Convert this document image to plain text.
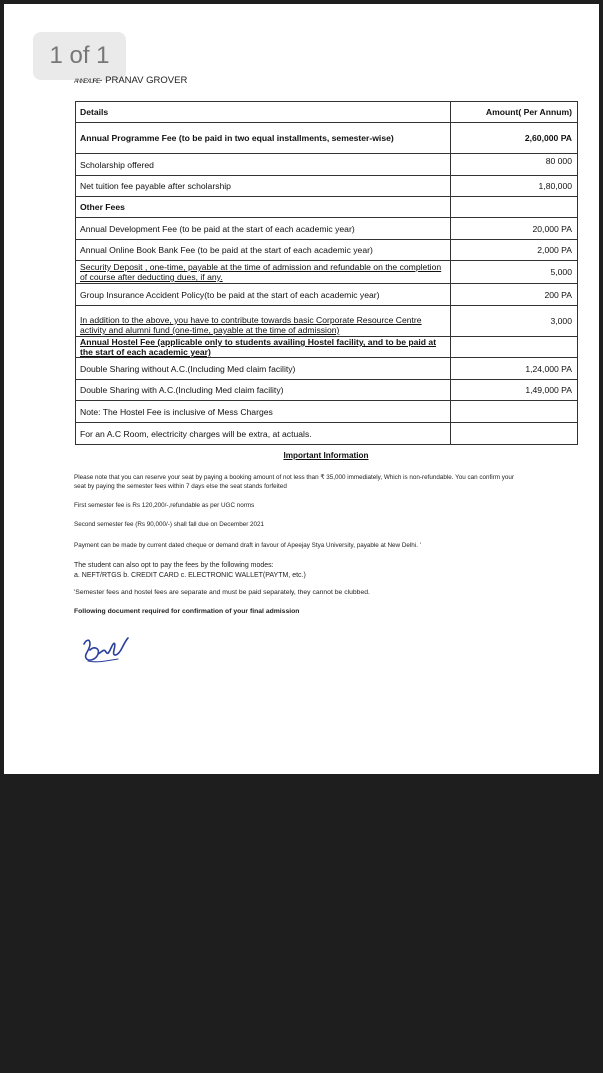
1 of 1
ANNEXURE- PRANAV GROVER
Details	Amount( Per Annum)
Annual Programme Fee (to be paid in two equal installments, semester-wise)	2,60,000 PA
Scholarship offered	80 000
Net tuition fee payable after scholarship	1,80,000
Other Fees	
Annual Development Fee (to be paid at the start of each academic year)	20,000 PA
Annual Online Book Bank Fee (to be paid at the start of each academic year)	2,000 PA
Security Deposit , one-time, payable at the time of admission and refundable on the completion of course after deducting dues, if any.	5,000
Group Insurance Accident Policy(to be paid at the start of each academic year)	200 PA
In addition to the above, you have to contribute towards basic Corporate Resource Centre activity and alumni fund (one-time, payable at the time of admission)	3,000
Annual Hostel Fee (applicable only to students availing Hostel facility, and to be paid at the start of each academic year)	
Double Sharing without A.C.(Including Med claim facility)	1,24,000 PA
Double Sharing with A.C.(Including Med claim facility)	1,49,000 PA
Note: The Hostel Fee is inclusive of Mess Charges	
For an A.C Room, electricity charges will be extra, at actuals.	
Important Information
Please note that you can reserve your seat by paying a booking amount of not less than ₹ 35,000 immediately, Which is non-refundable. You can confirm your seat by paying the semester fees within 7 days else the seat stands forfeited
First semester fee is Rs 120,200/-,refundable as per UGC norms
Second semester fee (Rs 90,000/-) shall fall due on December 2021
Payment can be made by current dated cheque or demand draft in favour of Apeejay Stya University, payable at New Delhi. '
The student can also opt to pay the fees by the following modes:
a. NEFT/RTGS b. CREDIT CARD c. ELECTRONIC WALLET(PAYTM, etc.)
'Semester fees and hostel fees are separate and must be paid separately, they cannot be clubbed.
Following document required for confirmation of your final admission
